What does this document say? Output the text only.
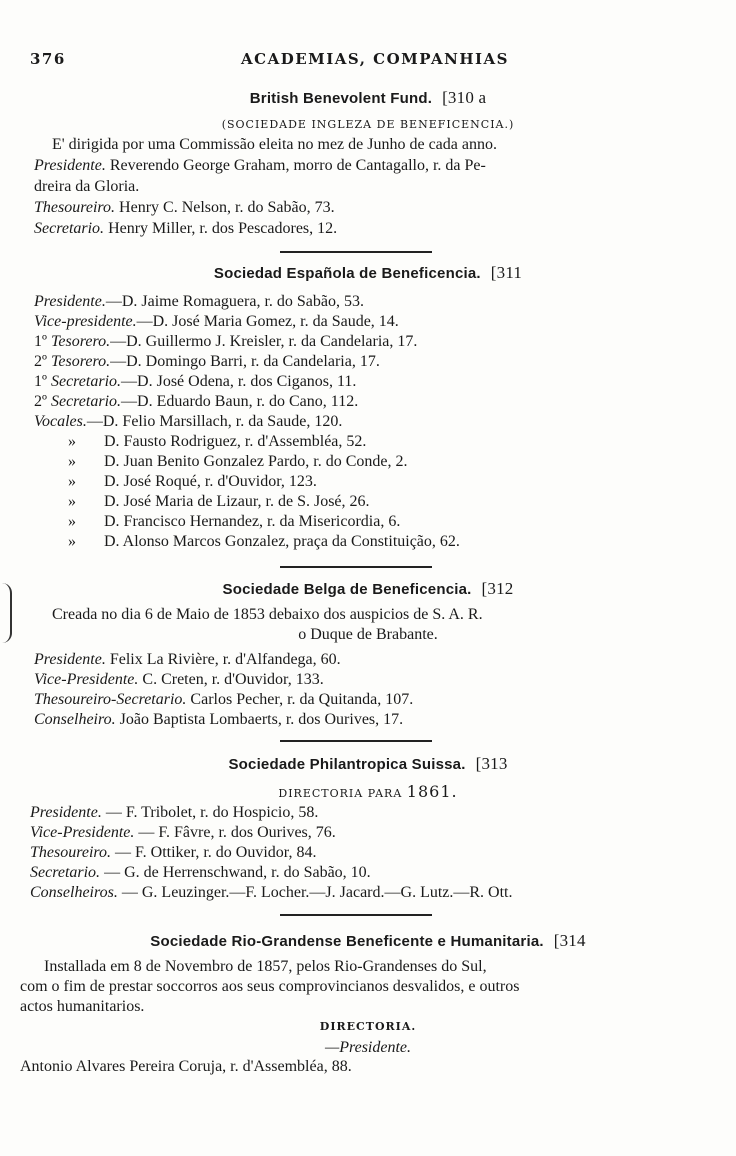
376	ACADEMIAS, COMPANHIAS
British Benevolent Fund. [310 a
(SOCIEDADE INGLEZA DE BENEFICENCIA.)
E' dirigida por uma Commissão eleita no mez de Junho de cada anno.
Presidente. Reverendo George Graham, morro de Cantagallo, r. da Pe-
dreira da Gloria.
Thesoureiro. Henry C. Nelson, r. do Sabão, 73.
Secretario. Henry Miller, r. dos Pescadores, 12.
Sociedad Española de Beneficencia. [311
Presidente.—D. Jaime Romaguera, r. do Sabão, 53.
Vice-presidente.—D. José Maria Gomez, r. da Saude, 14.
1º Tesorero.—D. Guillermo J. Kreisler, r. da Candelaria, 17.
2º Tesorero.—D. Domingo Barri, r. da Candelaria, 17.
1º Secretario.—D. José Odena, r. dos Ciganos, 11.
2º Secretario.—D. Eduardo Baun, r. do Cano, 112.
Vocales.—D. Felio Marsillach, r. da Saude, 120.
» D. Fausto Rodriguez, r. d'Assembléa, 52.
» D. Juan Benito Gonzalez Pardo, r. do Conde, 2.
» D. José Roqué, r. d'Ouvidor, 123.
» D. José Maria de Lizaur, r. de S. José, 26.
» D. Francisco Hernandez, r. da Misericordia, 6.
» D. Alonso Marcos Gonzalez, praça da Constituição, 62.
Sociedade Belga de Beneficencia. [312
Creada no dia 6 de Maio de 1853 debaixo dos auspicios de S. A. R.
o Duque de Brabante.
Presidente. Felix La Rivière, r. d'Alfandega, 60.
Vice-Presidente. C. Creten, r. d'Ouvidor, 133.
Thesoureiro-Secretario. Carlos Pecher, r. da Quitanda, 107.
Conselheiro. João Baptista Lombaerts, r. dos Ourives, 17.
Sociedade Philantropica Suissa. [313
DIRECTORIA PARA 1861.
Presidente. — F. Tribolet, r. do Hospicio, 58.
Vice-Presidente. — F. Fâvre, r. dos Ourives, 76.
Thesoureiro. — F. Ottiker, r. do Ouvidor, 84.
Secretario. — G. de Herrenschwand, r. do Sabão, 10.
Conselheiros. — G. Leuzinger.—F. Locher.—J. Jacard.—G. Lutz.—R. Ott.
Sociedade Rio-Grandense Beneficente e Humanitaria. [314
Installada em 8 de Novembro de 1857, pelos Rio-Grandenses do Sul,
com o fim de prestar soccorros aos seus comprovincianos desvalidos, e outros
actos humanitarios.
DIRECTORIA.
—Presidente.
Antonio Alvares Pereira Coruja, r. d'Assembléa, 88.
